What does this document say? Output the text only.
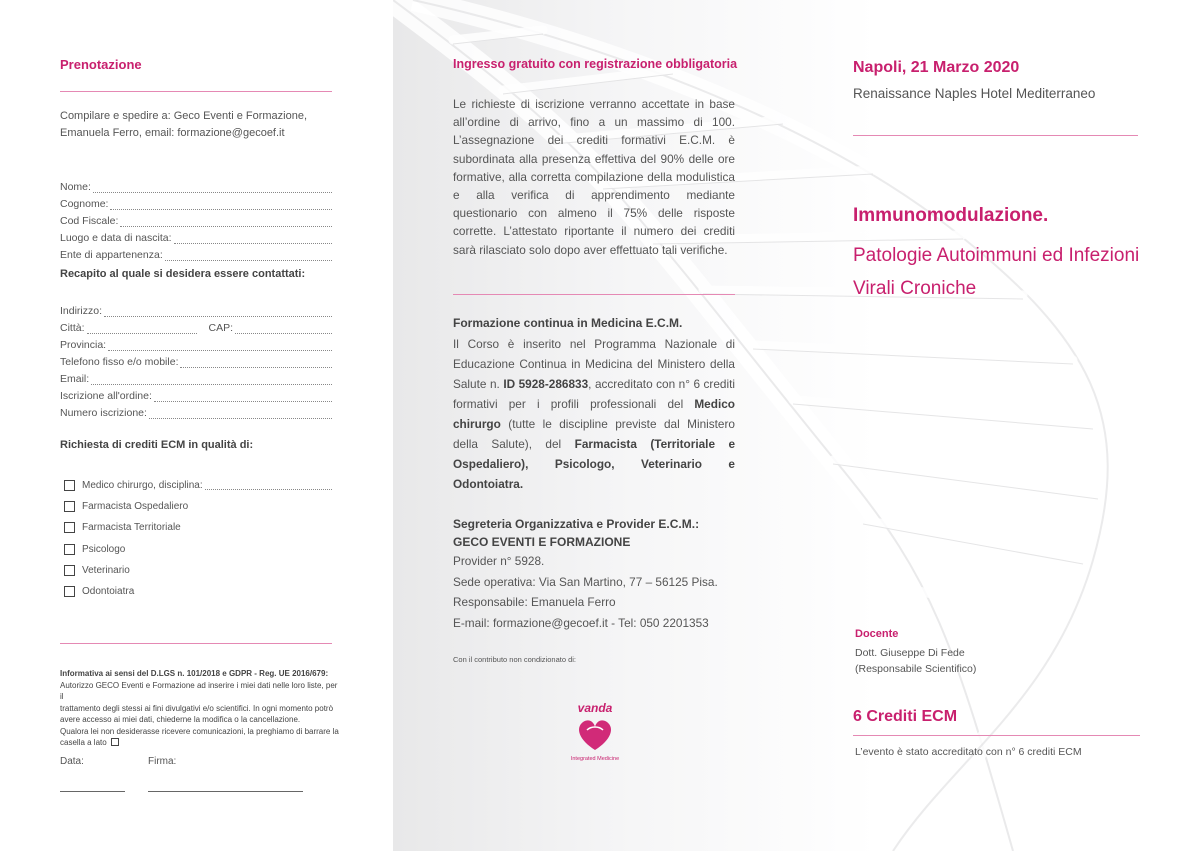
Prenotazione
Compilare e spedire a: Geco Eventi e Formazione,
Emanuela Ferro, email: formazione@gecoef.it
Nome:
Cognome:
Cod Fiscale:
Luogo e data di nascita:
Ente di appartenenza:
Recapito al quale si desidera essere contattati:
Indirizzo:
Città:	CAP:
Provincia:
Telefono fisso e/o mobile:
Email:
Iscrizione all'ordine:
Numero iscrizione:
Richiesta di crediti ECM in qualità di:
Medico chirurgo, disciplina:
Farmacista Ospedaliero
Farmacista Territoriale
Psicologo
Veterinario
Odontoiatra
Informativa ai sensi del D.LGS n. 101/2018 e GDPR - Reg. UE 2016/679:
Autorizzo GECO Eventi e Formazione ad inserire i miei dati nelle loro liste, per il
trattamento degli stessi ai fini divulgativi e/o scientifici. In ogni momento potrò
avere accesso ai miei dati, chiederne la modifica o la cancellazione.
Qualora lei non desiderasse ricevere comunicazioni, la preghiamo di barrare la
casella a lato
Data:	Firma:
Ingresso gratuito con registrazione obbligatoria
Le richieste di iscrizione verranno accettate in base all’ordine di arrivo, fino a un massimo di 100. L’assegnazione dei crediti formativi E.C.M. è subordinata alla presenza effettiva del 90% delle ore formative, alla corretta compilazione della modulistica e alla verifica di apprendimento mediante questionario con almeno il 75% delle risposte corrette. L’attestato riportante il numero dei crediti sarà rilasciato solo dopo aver effettuato tali verifiche.
Formazione continua in Medicina E.C.M.
Il Corso è inserito nel Programma Nazionale di Educazione Continua in Medicina del Ministero della Salute n. ID 5928-286833, accreditato con n° 6 crediti formativi per i profili professionali del Medico chirurgo (tutte le discipline previste dal Ministero della Salute), del Farmacista (Territoriale e Ospedaliero), Psicologo, Veterinario e Odontoiatra.
Segreteria Organizzativa e Provider E.C.M.:
GECO EVENTI E FORMAZIONE
Provider n° 5928.
Sede operativa: Via San Martino, 77 – 56125 Pisa.
Responsabile: Emanuela Ferro
E-mail: formazione@gecoef.it - Tel: 050 2201353
Con il contributo non condizionato di:
vanda
Integrated Medicine
Napoli, 21 Marzo 2020
Renaissance Naples Hotel Mediterraneo
Immunomodulazione.
Patologie Autoimmuni ed Infezioni Virali Croniche
Docente
Dott. Giuseppe Di Fede
(Responsabile Scientifico)
6 Crediti ECM
L’evento è stato accreditato con n° 6 crediti ECM
